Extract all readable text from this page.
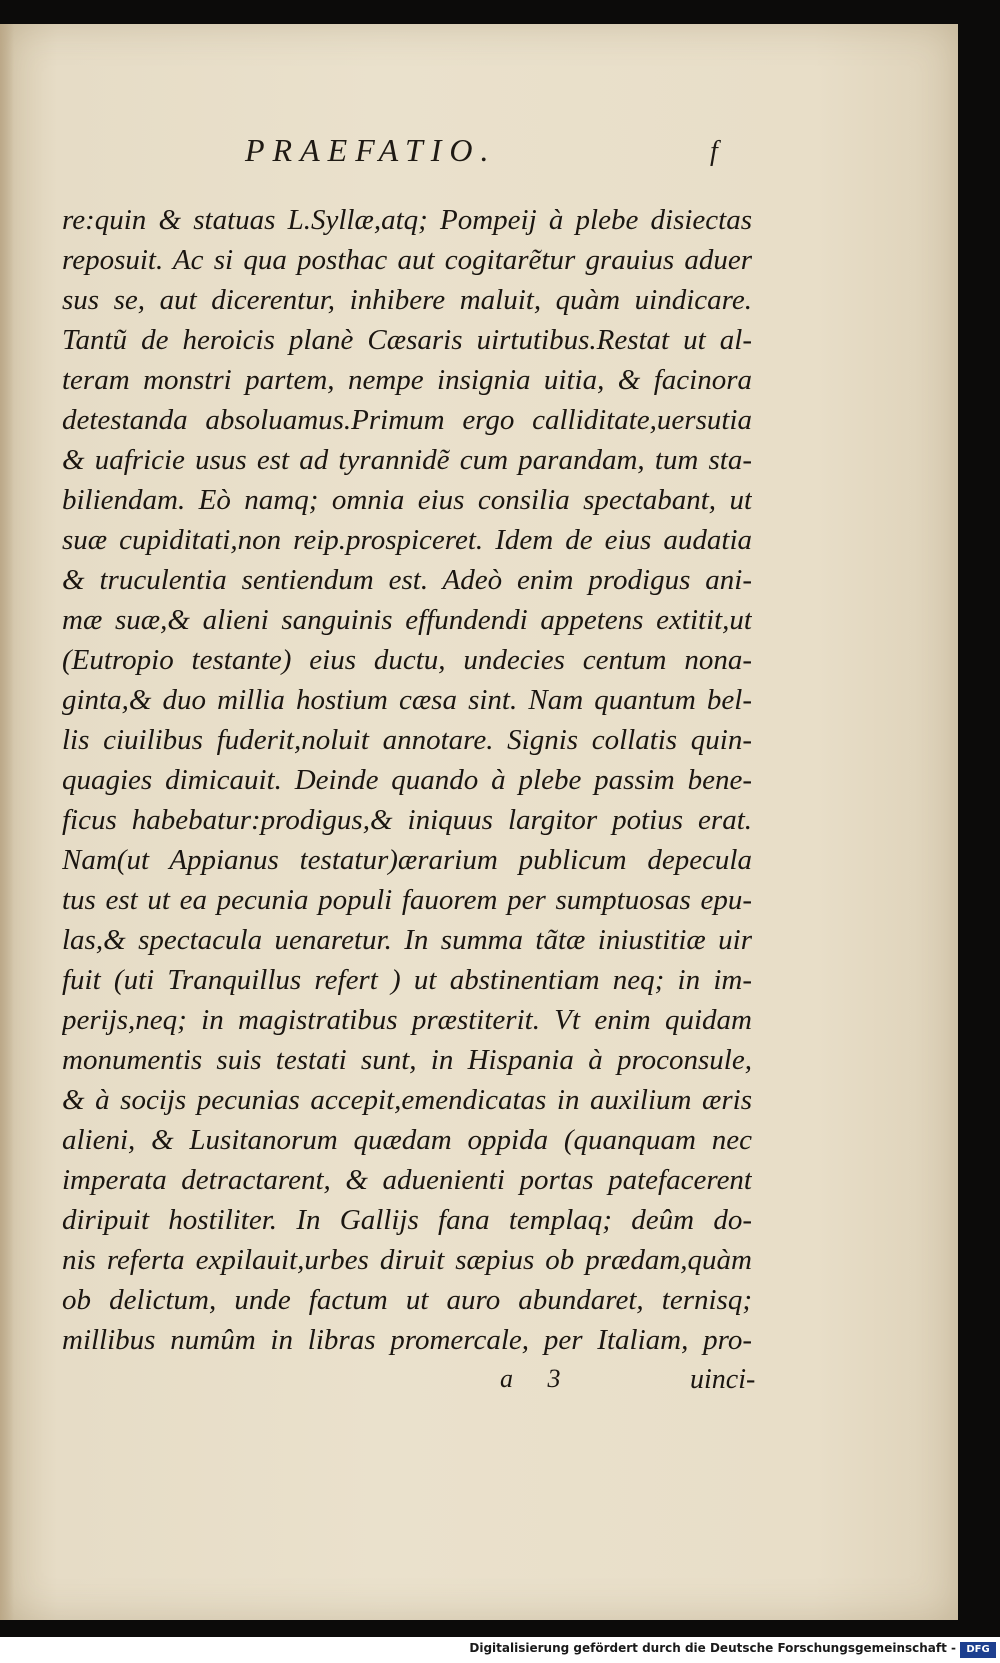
PRAEFATIO.	f
re:quin & statuas L.Syllæ,atq; Pompeij à plebe disiectas
reposuit. Ac si qua posthac aut cogitarẽtur grauius aduer
sus se, aut dicerentur, inhibere maluit, quàm uindicare.
Tantũ de heroicis planè Cæsaris uirtutibus.Restat ut al-
teram monstri partem, nempe insignia uitia, & facinora
detestanda absoluamus.Primum ergo calliditate,uersutia
& uafricie usus est ad tyrannidẽ cum parandam, tum sta-
biliendam. Eò namq; omnia eius consilia spectabant, ut
suæ cupiditati,non reip.prospiceret. Idem de eius audatia
& truculentia sentiendum est. Adeò enim prodigus ani-
mæ suæ,& alieni sanguinis effundendi appetens extitit,ut
(Eutropio testante) eius ductu, undecies centum nona-
ginta,& duo millia hostium cæsa sint. Nam quantum bel-
lis ciuilibus fuderit,noluit annotare. Signis collatis quin-
quagies dimicauit. Deinde quando à plebe passim bene-
ficus habebatur:prodigus,& iniquus largitor potius erat.
Nam(ut Appianus testatur)ærarium publicum depecula
tus est ut ea pecunia populi fauorem per sumptuosas epu-
las,& spectacula uenaretur. In summa tãtæ iniustitiæ uir
fuit (uti Tranquillus refert ) ut abstinentiam neq; in im-
perijs,neq; in magistratibus præstiterit. Vt enim quidam
monumentis suis testati sunt, in Hispania à proconsule,
& à socijs pecunias accepit,emendicatas in auxilium æris
alieni, & Lusitanorum quædam oppida (quanquam nec
imperata detractarent, & aduenienti portas patefacerent
diripuit hostiliter. In Gallijs fana templaq; deûm do-
nis referta expilauit,urbes diruit sæpius ob prædam,quàm
ob delictum, unde factum ut auro abundaret, ternisq;
millibus numûm in libras promercale, per Italiam, pro-
a 3	uinci-
Digitalisierung gefördert durch die Deutsche Forschungsgemeinschaft -	DFG
